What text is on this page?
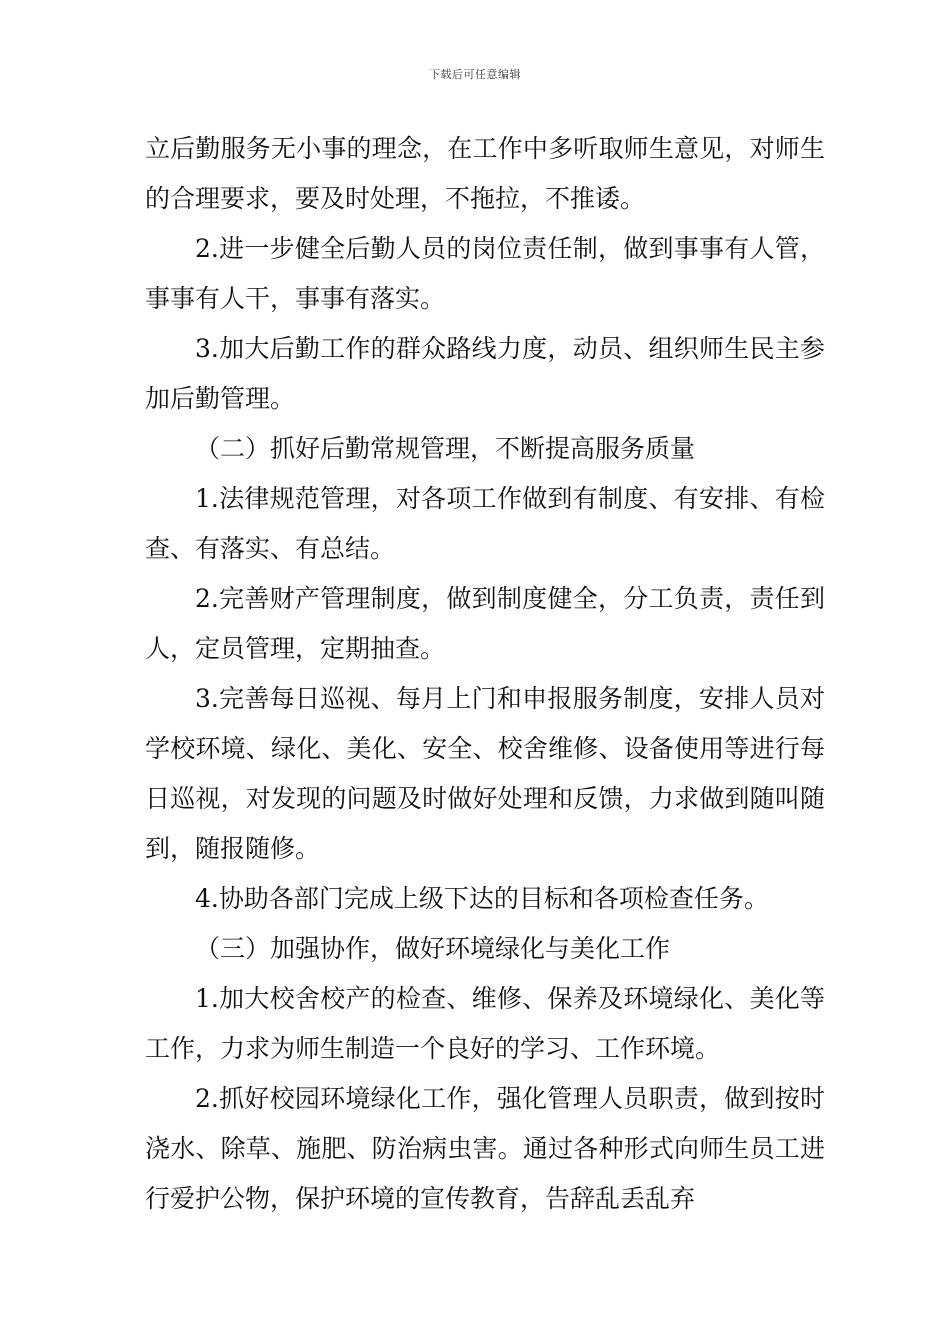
下载后可任意编辑

立后勤服务无小事的理念，在工作中多听取师生意见，对师生的合理要求，要及时处理，不拖拉，不推诿。

2.进一步健全后勤人员的岗位责任制，做到事事有人管，事事有人干，事事有落实。

3.加大后勤工作的群众路线力度，动员、组织师生民主参加后勤管理。

（二）抓好后勤常规管理，不断提高服务质量

1.法律规范管理，对各项工作做到有制度、有安排、有检查、有落实、有总结。

2.完善财产管理制度，做到制度健全，分工负责，责任到人，定员管理，定期抽查。

3.完善每日巡视、每月上门和申报服务制度，安排人员对学校环境、绿化、美化、安全、校舍维修、设备使用等进行每日巡视，对发现的问题及时做好处理和反馈，力求做到随叫随到，随报随修。

4.协助各部门完成上级下达的目标和各项检查任务。

（三）加强协作，做好环境绿化与美化工作

1.加大校舍校产的检查、维修、保养及环境绿化、美化等工作，力求为师生制造一个良好的学习、工作环境。

2.抓好校园环境绿化工作，强化管理人员职责，做到按时浇水、除草、施肥、防治病虫害。通过各种形式向师生员工进行爱护公物，保护环境的宣传教育，告辞乱丢乱弃
